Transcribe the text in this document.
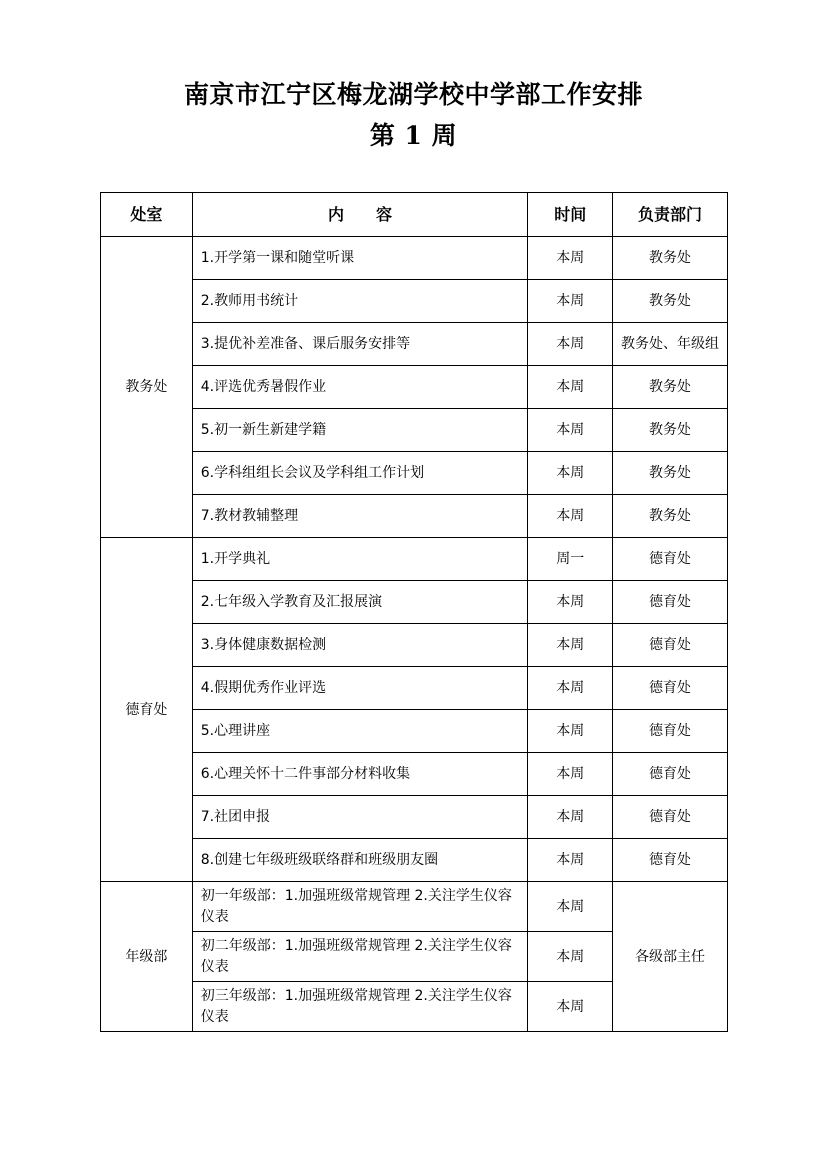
南京市江宁区梅龙湖学校中学部工作安排
第 1 周
处室	内　　容	时间	负责部门
教务处	1.开学第一课和随堂听课	本周	教务处
	2.教师用书统计	本周	教务处
	3.提优补差准备、课后服务安排等	本周	教务处、年级组
	4.评选优秀暑假作业	本周	教务处
	5.初一新生新建学籍	本周	教务处
	6.学科组组长会议及学科组工作计划	本周	教务处
	7.教材教辅整理	本周	教务处
德育处	1.开学典礼	周一	德育处
	2.七年级入学教育及汇报展演	本周	德育处
	3.身体健康数据检测	本周	德育处
	4.假期优秀作业评选	本周	德育处
	5.心理讲座	本周	德育处
	6.心理关怀十二件事部分材料收集	本周	德育处
	7.社团申报	本周	德育处
	8.创建七年级班级联络群和班级朋友圈	本周	德育处
年级部	初一年级部：1.加强班级常规管理 2.关注学生仪容仪表	本周	各级部主任
	初二年级部：1.加强班级常规管理 2.关注学生仪容仪表	本周	
	初三年级部：1.加强班级常规管理 2.关注学生仪容仪表	本周	
